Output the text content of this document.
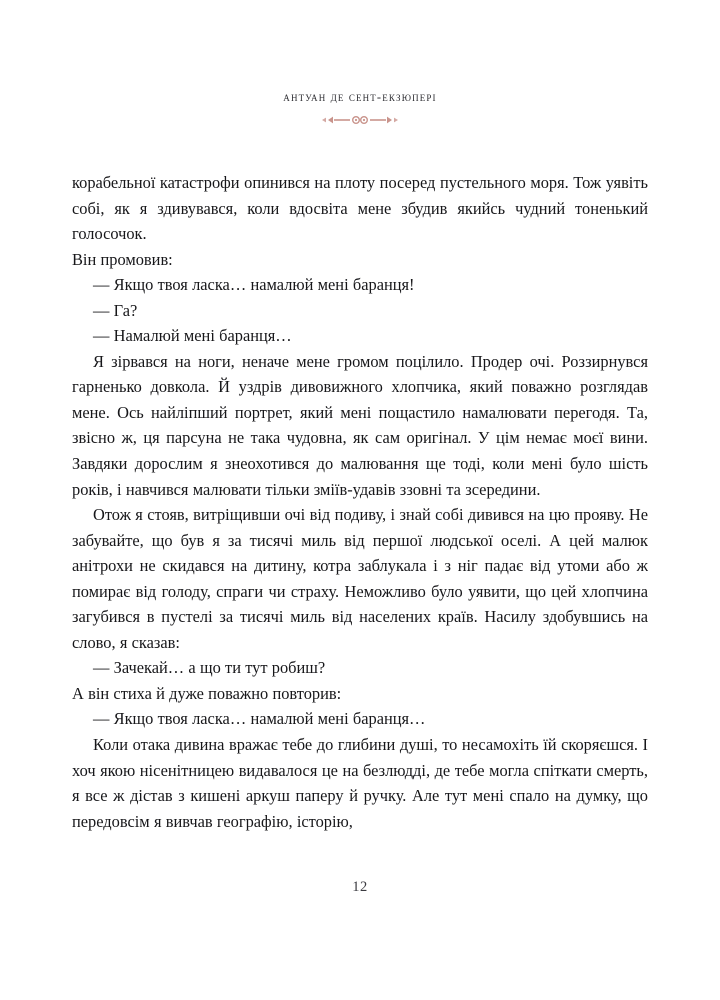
антуан де сент-екзюпері

корабельної катастрофи опинився на плоту посеред пустельного моря. Тож уявіть собі, як я здивувався, коли вдосвіта мене збудив якийсь чудний тоненький голосочок.

Він промовив:

— Якщо твоя ласка… намалюй мені баранця!

— Га?

— Намалюй мені баранця…

Я зірвався на ноги, неначе мене громом поцілило. Продер очі. Роззирнувся гарненько довкола. Й уздрів дивовижного хлопчика, який поважно розглядав мене. Ось найліпший портрет, який мені пощастило намалювати перегодя. Та, звісно ж, ця парсуна не така чудовна, як сам оригінал. У цім немає моєї вини. Завдяки дорослим я знеохотився до малювання ще тоді, коли мені було шість років, і навчився малювати тільки зміїв-удавів ззовні та зсередини.

Отож я стояв, витріщивши очі від подиву, і знай собі дивився на цю прояву. Не забувайте, що був я за тисячі миль від першої людської оселі. А цей малюк анітрохи не скидався на дитину, котра заблукала і з ніг падає від утоми або ж помирає від голоду, спраги чи страху. Неможливо було уявити, що цей хлопчина загубився в пустелі за тисячі миль від населених країв. Насилу здобувшись на слово, я сказав:

— Зачекай… а що ти тут робиш?

А він стиха й дуже поважно повторив:

— Якщо твоя ласка… намалюй мені баранця…

Коли отака дивина вражає тебе до глибини душі, то несамохіть їй скоряєшся. І хоч якою нісенітницею видавалося це на безлюдді, де тебе могла спіткати смерть, я все ж дістав з кишені аркуш паперу й ручку. Але тут мені спало на думку, що передовсім я вивчав географію, історію,

12
